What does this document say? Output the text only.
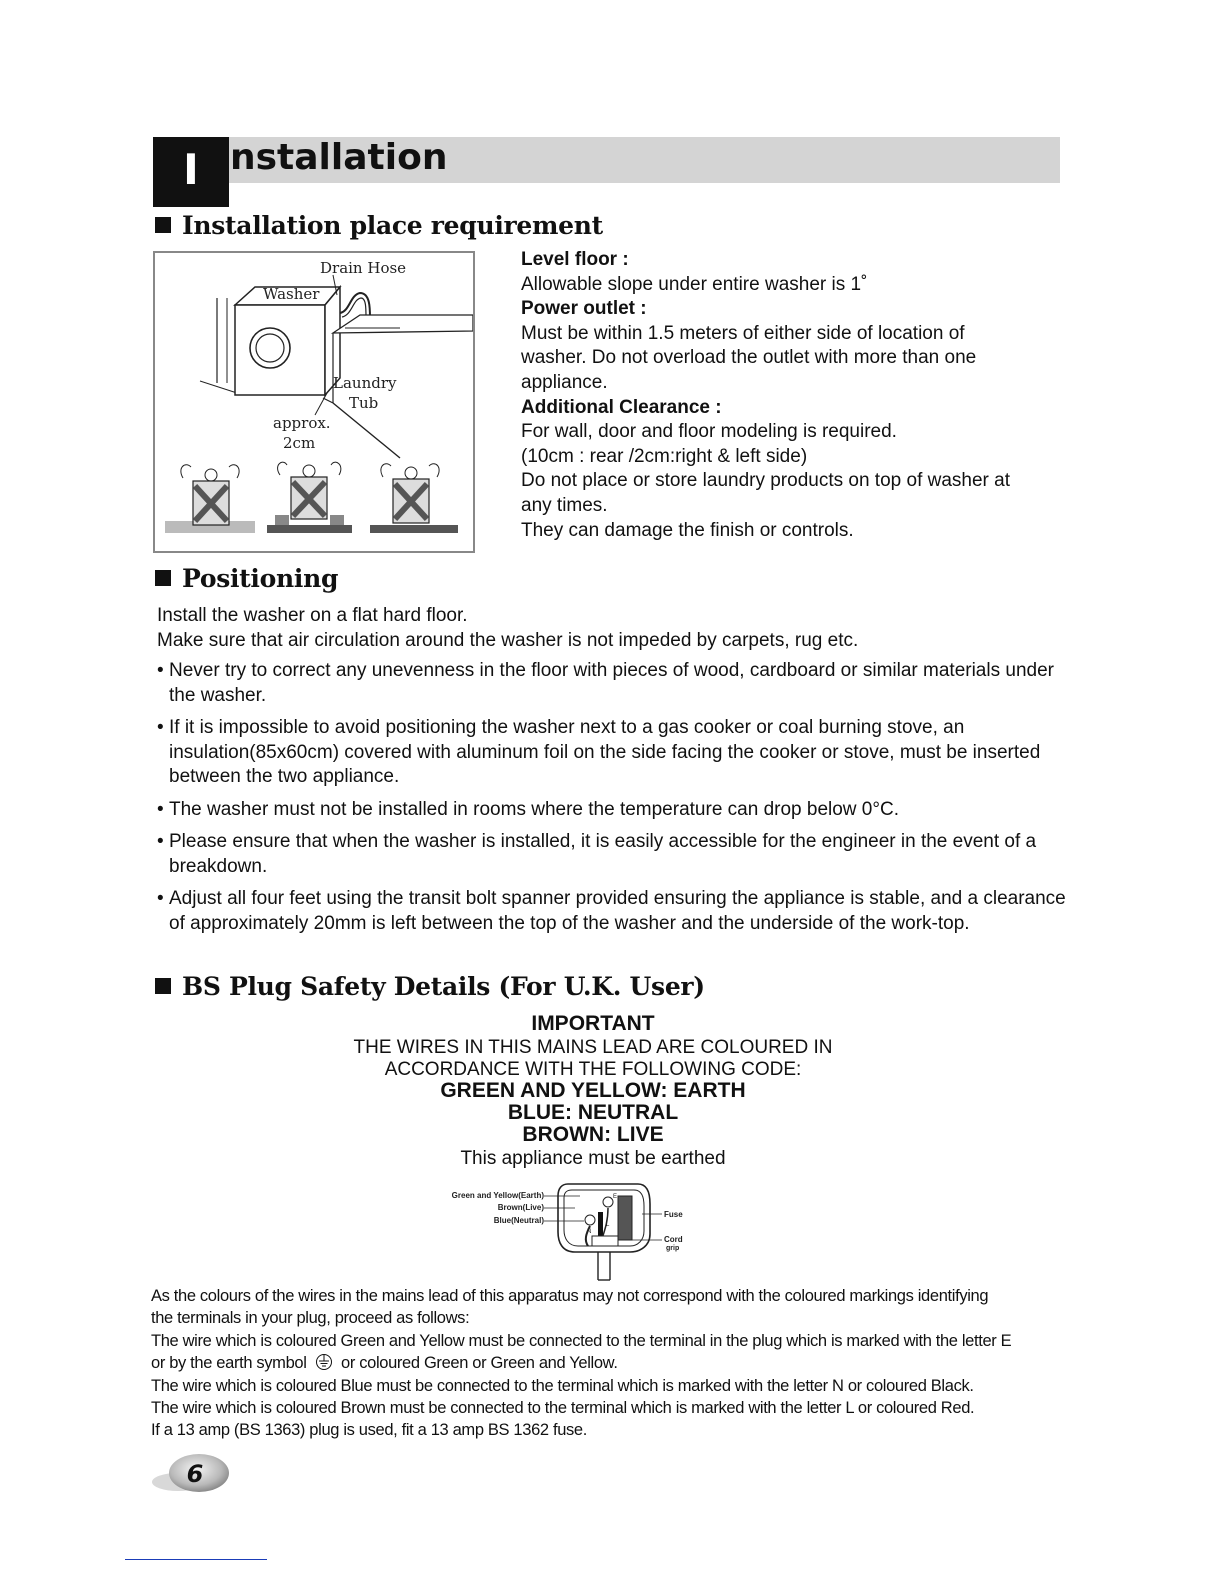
I nstallation
Installation place requirement
Drain Hose
Washer
Laundry
Tub
approx.
2cm
Level floor :
Allowable slope under entire washer is 1˚
Power outlet :
Must be within 1.5 meters of either side of location of
washer. Do not overload the outlet with more than one
appliance.
Additional Clearance :
For wall, door and floor modeling is required.
(10cm : rear /2cm:right & left side)
Do not place or store laundry products on top of washer at
any times.
They can damage the finish or controls.
Positioning
Install the washer on a flat hard floor.
Make sure that air circulation around the washer is not impeded by carpets, rug etc.
• Never try to correct any unevenness in the floor with pieces of wood, cardboard or similar materials under the washer.
• If it is impossible to avoid positioning the washer next to a gas cooker or coal burning stove, an insulation(85x60cm) covered with aluminum foil on the side facing the cooker or stove, must be inserted between the two appliance.
• The washer must not be installed in rooms where the temperature can drop below 0°C.
• Please ensure that when the washer is installed, it is easily accessible for the engineer in the event of a breakdown.
• Adjust all four feet using the transit bolt spanner provided ensuring the appliance is stable, and a clearance of approximately 20mm is left between the top of the washer and the underside of the work-top.
BS Plug Safety Details (For U.K. User)
IMPORTANT
THE WIRES IN THIS MAINS LEAD ARE COLOURED IN
ACCORDANCE WITH THE FOLLOWING CODE:
GREEN AND YELLOW: EARTH
BLUE: NEUTRAL
BROWN: LIVE
This appliance must be earthed
E
L
N
Green and Yellow(Earth)
Brown(Live)
Blue(Neutral)
Fuse
Cord
grip
As the colours of the wires in the mains lead of this apparatus may not correspond with the coloured markings identifying
the terminals in your plug, proceed as follows:
The wire which is coloured Green and Yellow must be connected to the terminal in the plug which is marked with the letter E
or by the earth symbol or coloured Green or Green and Yellow.
The wire which is coloured Blue must be connected to the terminal which is marked with the letter N or coloured Black.
The wire which is coloured Brown must be connected to the terminal which is marked with the letter L or coloured Red.
If a 13 amp (BS 1363) plug is used, fit a 13 amp BS 1362 fuse.
6
